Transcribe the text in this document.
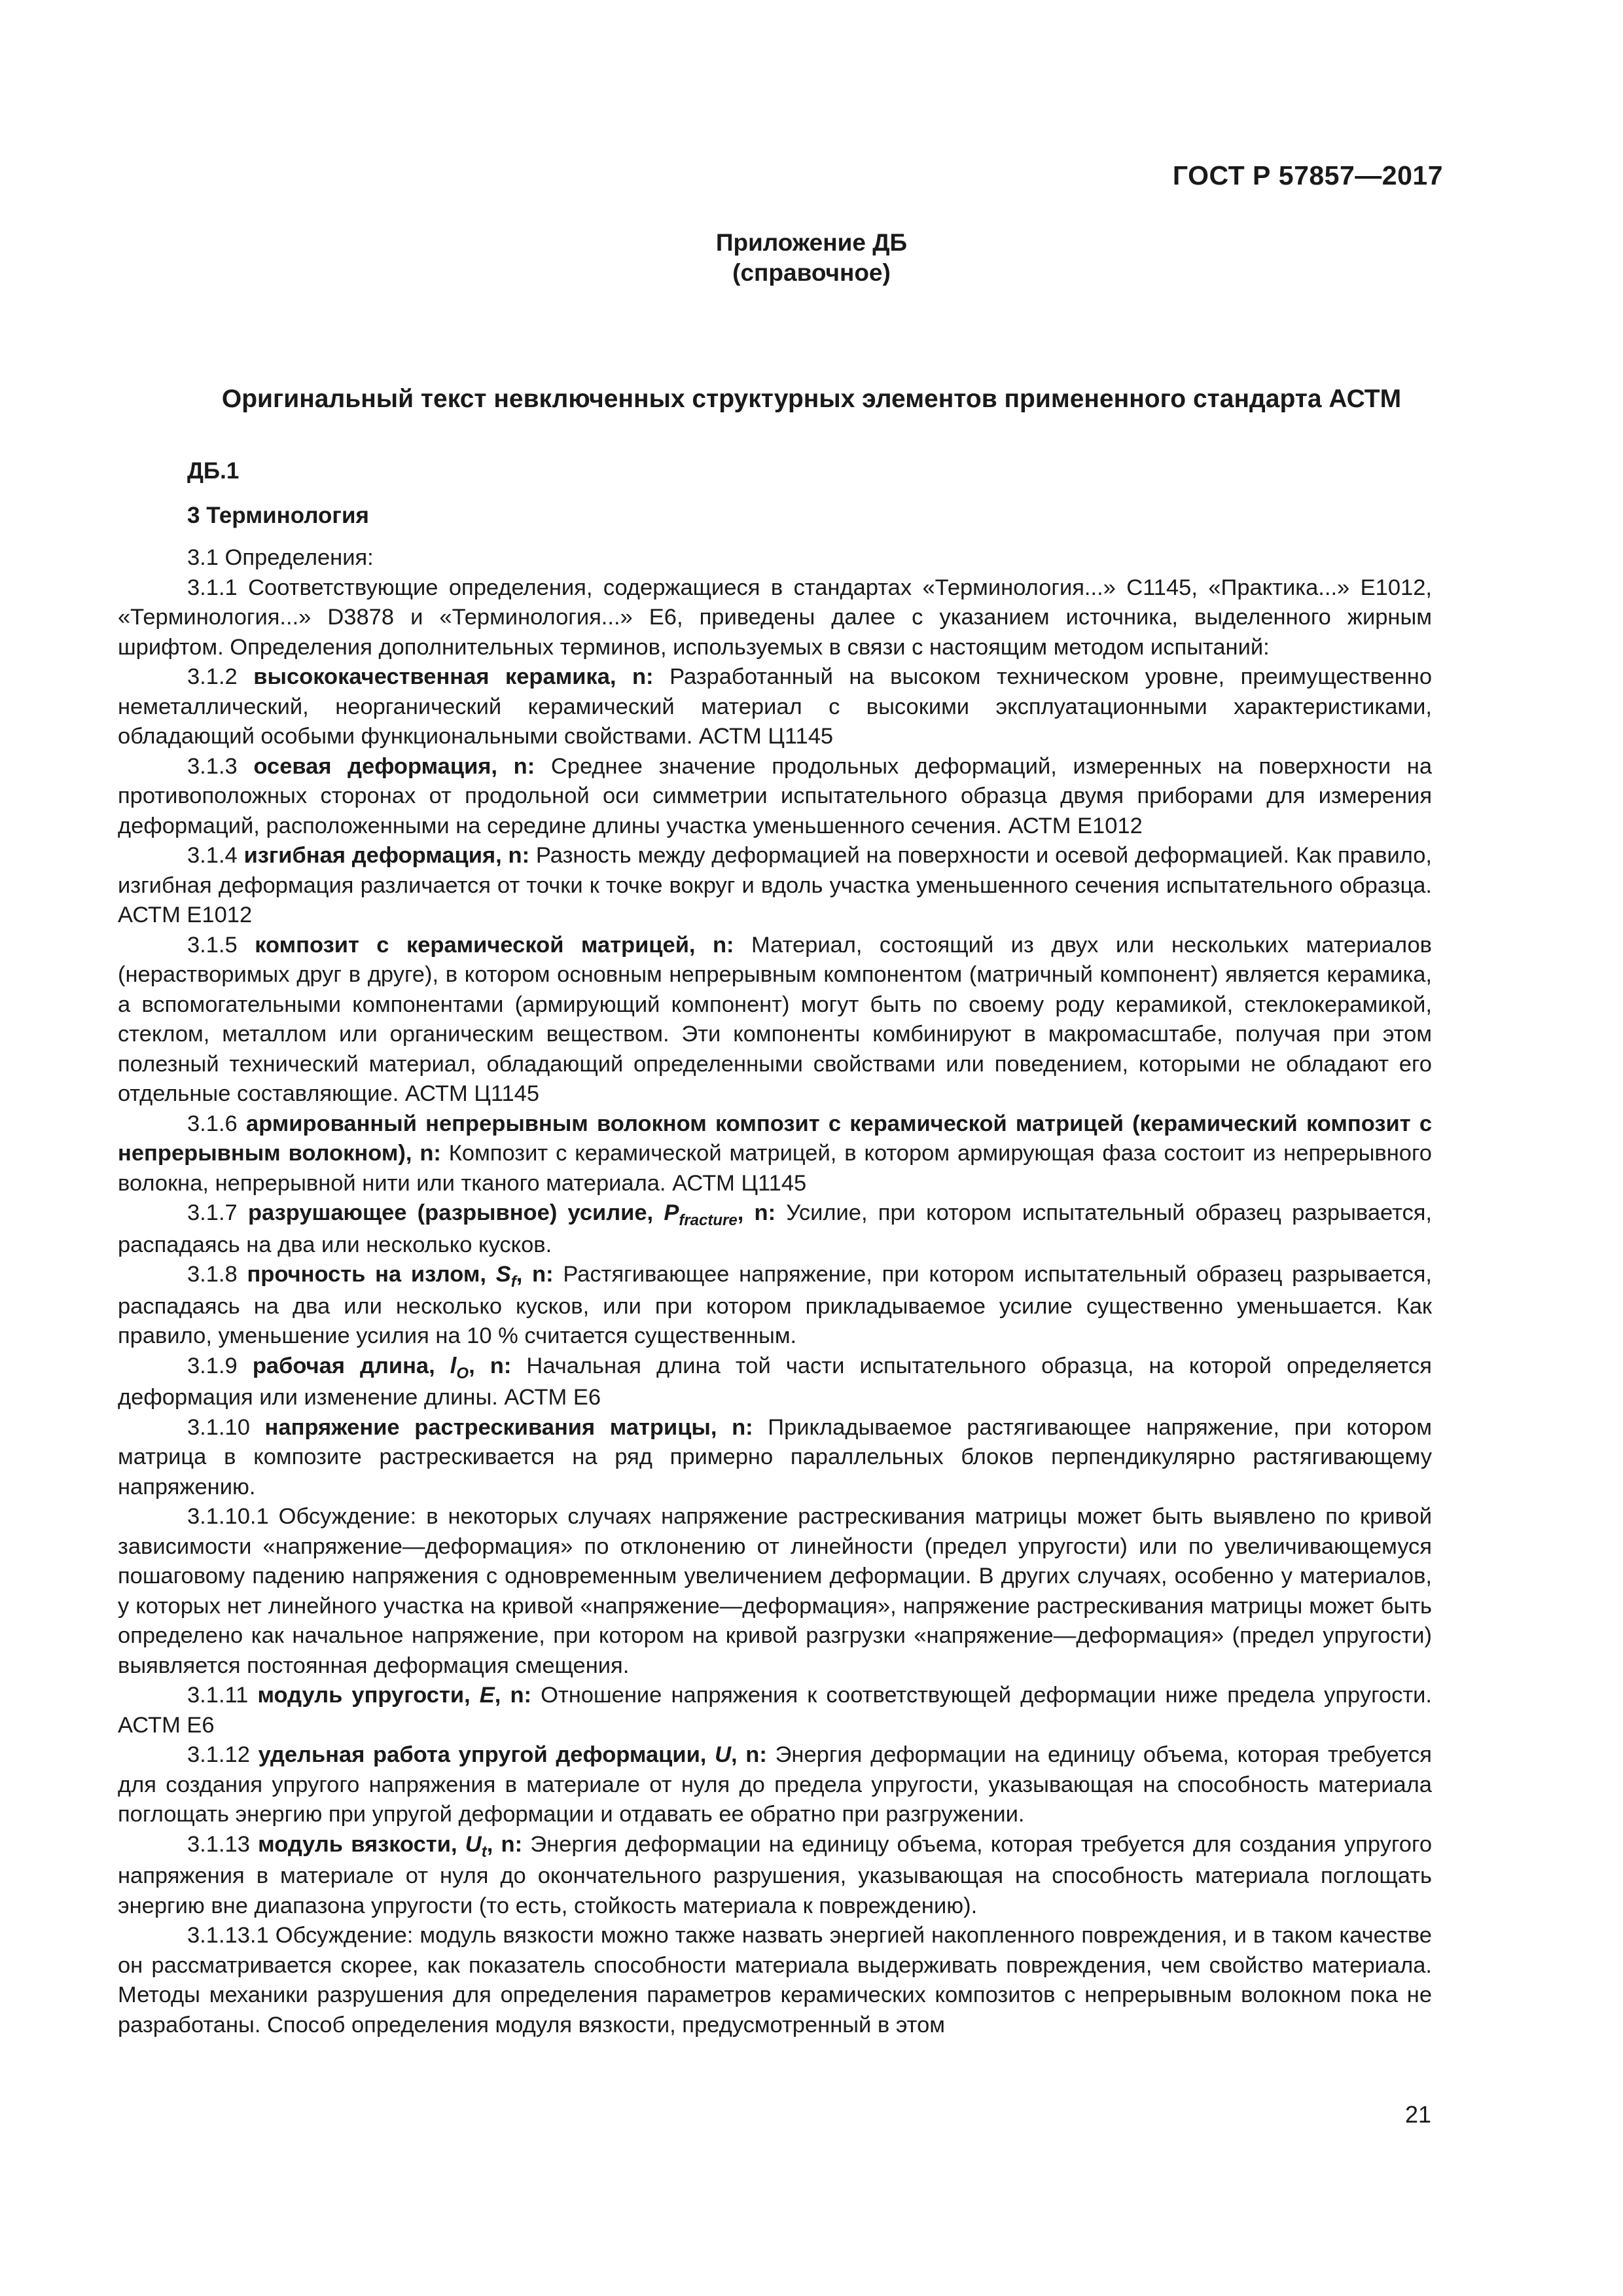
ГОСТ Р 57857—2017
Приложение ДБ
(справочное)
Оригинальный текст невключенных структурных элементов примененного стандарта АСТМ
ДБ.1
3 Терминология

3.1 Определения:

3.1.1 Соответствующие определения, содержащиеся в стандартах «Терминология...» C1145, «Практика...» E1012, «Терминология...» D3878 и «Терминология...» E6, приведены далее с указанием источника, выделенного жирным шрифтом. Определения дополнительных терминов, используемых в связи с настоящим методом испытаний:

3.1.2 высококачественная керамика, n: Разработанный на высоком техническом уровне, преимущественно неметаллический, неорганический керамический материал с высокими эксплуатационными характеристиками, обладающий особыми функциональными свойствами. АСТМ Ц1145

3.1.3 осевая деформация, n: Среднее значение продольных деформаций, измеренных на поверхности на противоположных сторонах от продольной оси симметрии испытательного образца двумя приборами для измерения деформаций, расположенными на середине длины участка уменьшенного сечения. АСТМ E1012

3.1.4 изгибная деформация, n: Разность между деформацией на поверхности и осевой деформацией. Как правило, изгибная деформация различается от точки к точке вокруг и вдоль участка уменьшенного сечения испытательного образца. АСТМ E1012

3.1.5 композит с керамической матрицей, n: Материал, состоящий из двух или нескольких материалов (нерастворимых друг в друге), в котором основным непрерывным компонентом (матричный компонент) является керамика, а вспомогательными компонентами (армирующий компонент) могут быть по своему роду керамикой, стеклокерамикой, стеклом, металлом или органическим веществом. Эти компоненты комбинируют в макромасштабе, получая при этом полезный технический материал, обладающий определенными свойствами или поведением, которыми не обладают его отдельные составляющие. АСТМ Ц1145

3.1.6 армированный непрерывным волокном композит с керамической матрицей (керамический композит с непрерывным волокном), n: Композит с керамической матрицей, в котором армирующая фаза состоит из непрерывного волокна, непрерывной нити или тканого материала. АСТМ Ц1145

3.1.7 разрушающее (разрывное) усилие, $P_{fracture}$, n: Усилие, при котором испытательный образец разрывается, распадаясь на два или несколько кусков.

3.1.8 прочность на излом, $S_f$, n: Растягивающее напряжение, при котором испытательный образец разрывается, распадаясь на два или несколько кусков, или при котором прикладываемое усилие существенно уменьшается. Как правило, уменьшение усилия на 10 % считается существенным.

3.1.9 рабочая длина, $l_O$, n: Начальная длина той части испытательного образца, на которой определяется деформация или изменение длины. АСТМ E6

3.1.10 напряжение растрескивания матрицы, n: Прикладываемое растягивающее напряжение, при котором матрица в композите растрескивается на ряд примерно параллельных блоков перпендикулярно растягивающему напряжению.

3.1.10.1 Обсуждение: в некоторых случаях напряжение растрескивания матрицы может быть выявлено по кривой зависимости «напряжение—деформация» по отклонению от линейности (предел упругости) или по увеличивающемуся пошаговому падению напряжения с одновременным увеличением деформации. В других случаях, особенно у материалов, у которых нет линейного участка на кривой «напряжение—деформация», напряжение растрескивания матрицы может быть определено как начальное напряжение, при котором на кривой разгрузки «напряжение—деформация» (предел упругости) выявляется постоянная деформация смещения.

3.1.11 модуль упругости, E, n: Отношение напряжения к соответствующей деформации ниже предела упругости. АСТМ E6

3.1.12 удельная работа упругой деформации, U, n: Энергия деформации на единицу объема, которая требуется для создания упругого напряжения в материале от нуля до предела упругости, указывающая на способность материала поглощать энергию при упругой деформации и отдавать ее обратно при разгружении.

3.1.13 модуль вязкости, $U_t$, n: Энергия деформации на единицу объема, которая требуется для создания упругого напряжения в материале от нуля до окончательного разрушения, указывающая на способность материала поглощать энергию вне диапазона упругости (то есть, стойкость материала к повреждению).

3.1.13.1 Обсуждение: модуль вязкости можно также назвать энергией накопленного повреждения, и в таком качестве он рассматривается скорее, как показатель способности материала выдерживать повреждения, чем свойство материала. Методы механики разрушения для определения параметров керамических композитов с непрерывным волокном пока не разработаны. Способ определения модуля вязкости, предусмотренный в этом

21
